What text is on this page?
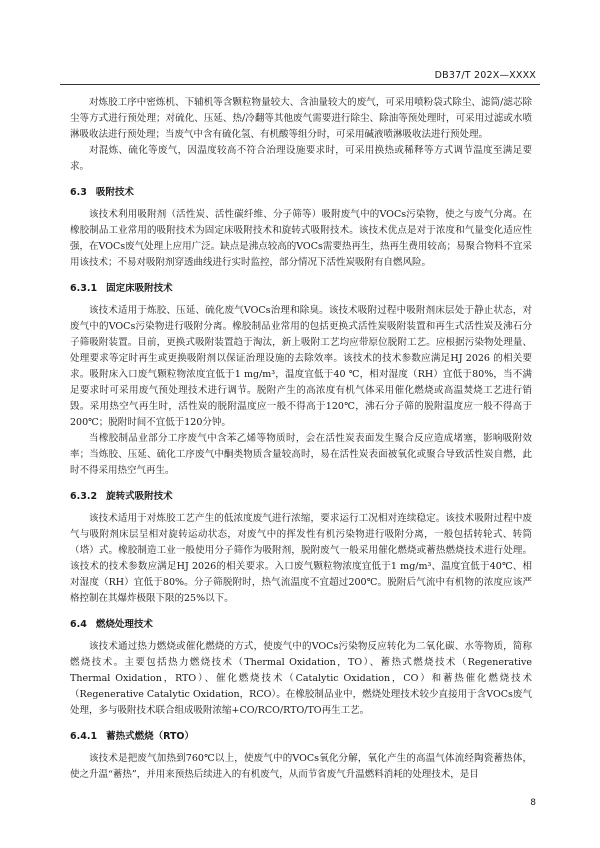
DB37/T 202X—XXXX

对炼胶工序中密炼机、下辅机等含颗粒物量较大、含油量较大的废气，可采用喷粉袋式除尘、滤筒/滤芯除尘等方式进行预处理；对硫化、压延、热/冷翻等其他废气需要进行除尘、除油等预处理时，可采用过滤或水喷淋吸收法进行预处理；当废气中含有硫化氢、有机酸等组分时，可采用碱液喷淋吸收法进行预处理。

对混炼、硫化等废气，因温度较高不符合治理设施要求时，可采用换热或稀释等方式调节温度至满足要求。

6.3 吸附技术

该技术利用吸附剂（活性炭、活性碳纤维、分子筛等）吸附废气中的VOCs污染物，使之与废气分离。在橡胶制品工业常用的吸附技术为固定床吸附技术和旋转式吸附技术。该技术优点是对于浓度和气量变化适应性强，在VOCs废气处理上应用广泛。缺点是沸点较高的VOCs需要热再生，热再生费用较高；易聚合物料不宜采用该技术；不易对吸附剂穿透曲线进行实时监控，部分情况下活性炭吸附有自燃风险。

6.3.1 固定床吸附技术

该技术适用于炼胶、压延、硫化废气VOCs治理和除臭。该技术吸附过程中吸附剂床层处于静止状态，对废气中的VOCs污染物进行吸附分离。橡胶制品业常用的包括更换式活性炭吸附装置和再生式活性炭及沸石分子筛吸附装置。目前，更换式吸附装置趋于淘汰，新上吸附工艺均应带原位脱附工艺。应根据污染物处理量、处理要求等定时再生或更换吸附剂以保证治理设施的去除效率。该技术的技术参数应满足HJ 2026 的相关要求。吸附床入口废气颗粒物浓度宜低于1 mg/m³，温度宜低于40 ℃，相对湿度（RH）宜低于80%，当不满足要求时可采用废气预处理技术进行调节。脱附产生的高浓度有机气体采用催化燃烧或高温焚烧工艺进行销毁。采用热空气再生时，活性炭的脱附温度应一般不得高于120℃，沸石分子筛的脱附温度应一般不得高于200℃；脱附时间不宜低于120分钟。

当橡胶制品业部分工序废气中含苯乙烯等物质时，会在活性炭表面发生聚合反应造成堵塞，影响吸附效率；当炼胶、压延、硫化工序废气中酮类物质含量较高时，易在活性炭表面被氧化或聚合导致活性炭自燃，此时不得采用热空气再生。

6.3.2 旋转式吸附技术

该技术适用于对炼胶工艺产生的低浓度废气进行浓缩，要求运行工况相对连续稳定。该技术吸附过程中废气与吸附剂床层呈相对旋转运动状态，对废气中的挥发性有机污染物进行吸附分离，一般包括转轮式、转筒（塔）式。橡胶制造工业一般使用分子筛作为吸附剂，脱附废气一般采用催化燃烧或蓄热燃烧技术进行处理。该技术的技术参数应满足HJ 2026的相关要求。入口废气颗粒物浓度宜低于1 mg/m³、温度宜低于40℃、相对湿度（RH）宜低于80%。分子筛脱附时，热气流温度不宜超过200℃。脱附后气流中有机物的浓度应该严格控制在其爆炸极限下限的25%以下。

6.4 燃烧处理技术

该技术通过热力燃烧或催化燃烧的方式，使废气中的VOCs污染物反应转化为二氧化碳、水等物质，简称燃烧技术。主要包括热力燃烧技术（Thermal Oxidation，TO）、蓄热式燃烧技术（Regenerative Thermal Oxidation，RTO）、催化燃烧技术（Catalytic Oxidation，CO）和蓄热催化燃烧技术（Regenerative Catalytic Oxidation，RCO）。在橡胶制品业中，燃烧处理技术较少直接用于含VOCs废气处理，多与吸附技术联合组成吸附浓缩+CO/RCO/RTO/TO再生工艺。

6.4.1 蓄热式燃烧（RTO）

该技术是把废气加热到760℃以上，使废气中的VOCs氧化分解，氧化产生的高温气体流经陶瓷蓄热体，使之升温“蓄热”，并用来预热后续进入的有机废气，从而节省废气升温燃料消耗的处理技术，是目

8
